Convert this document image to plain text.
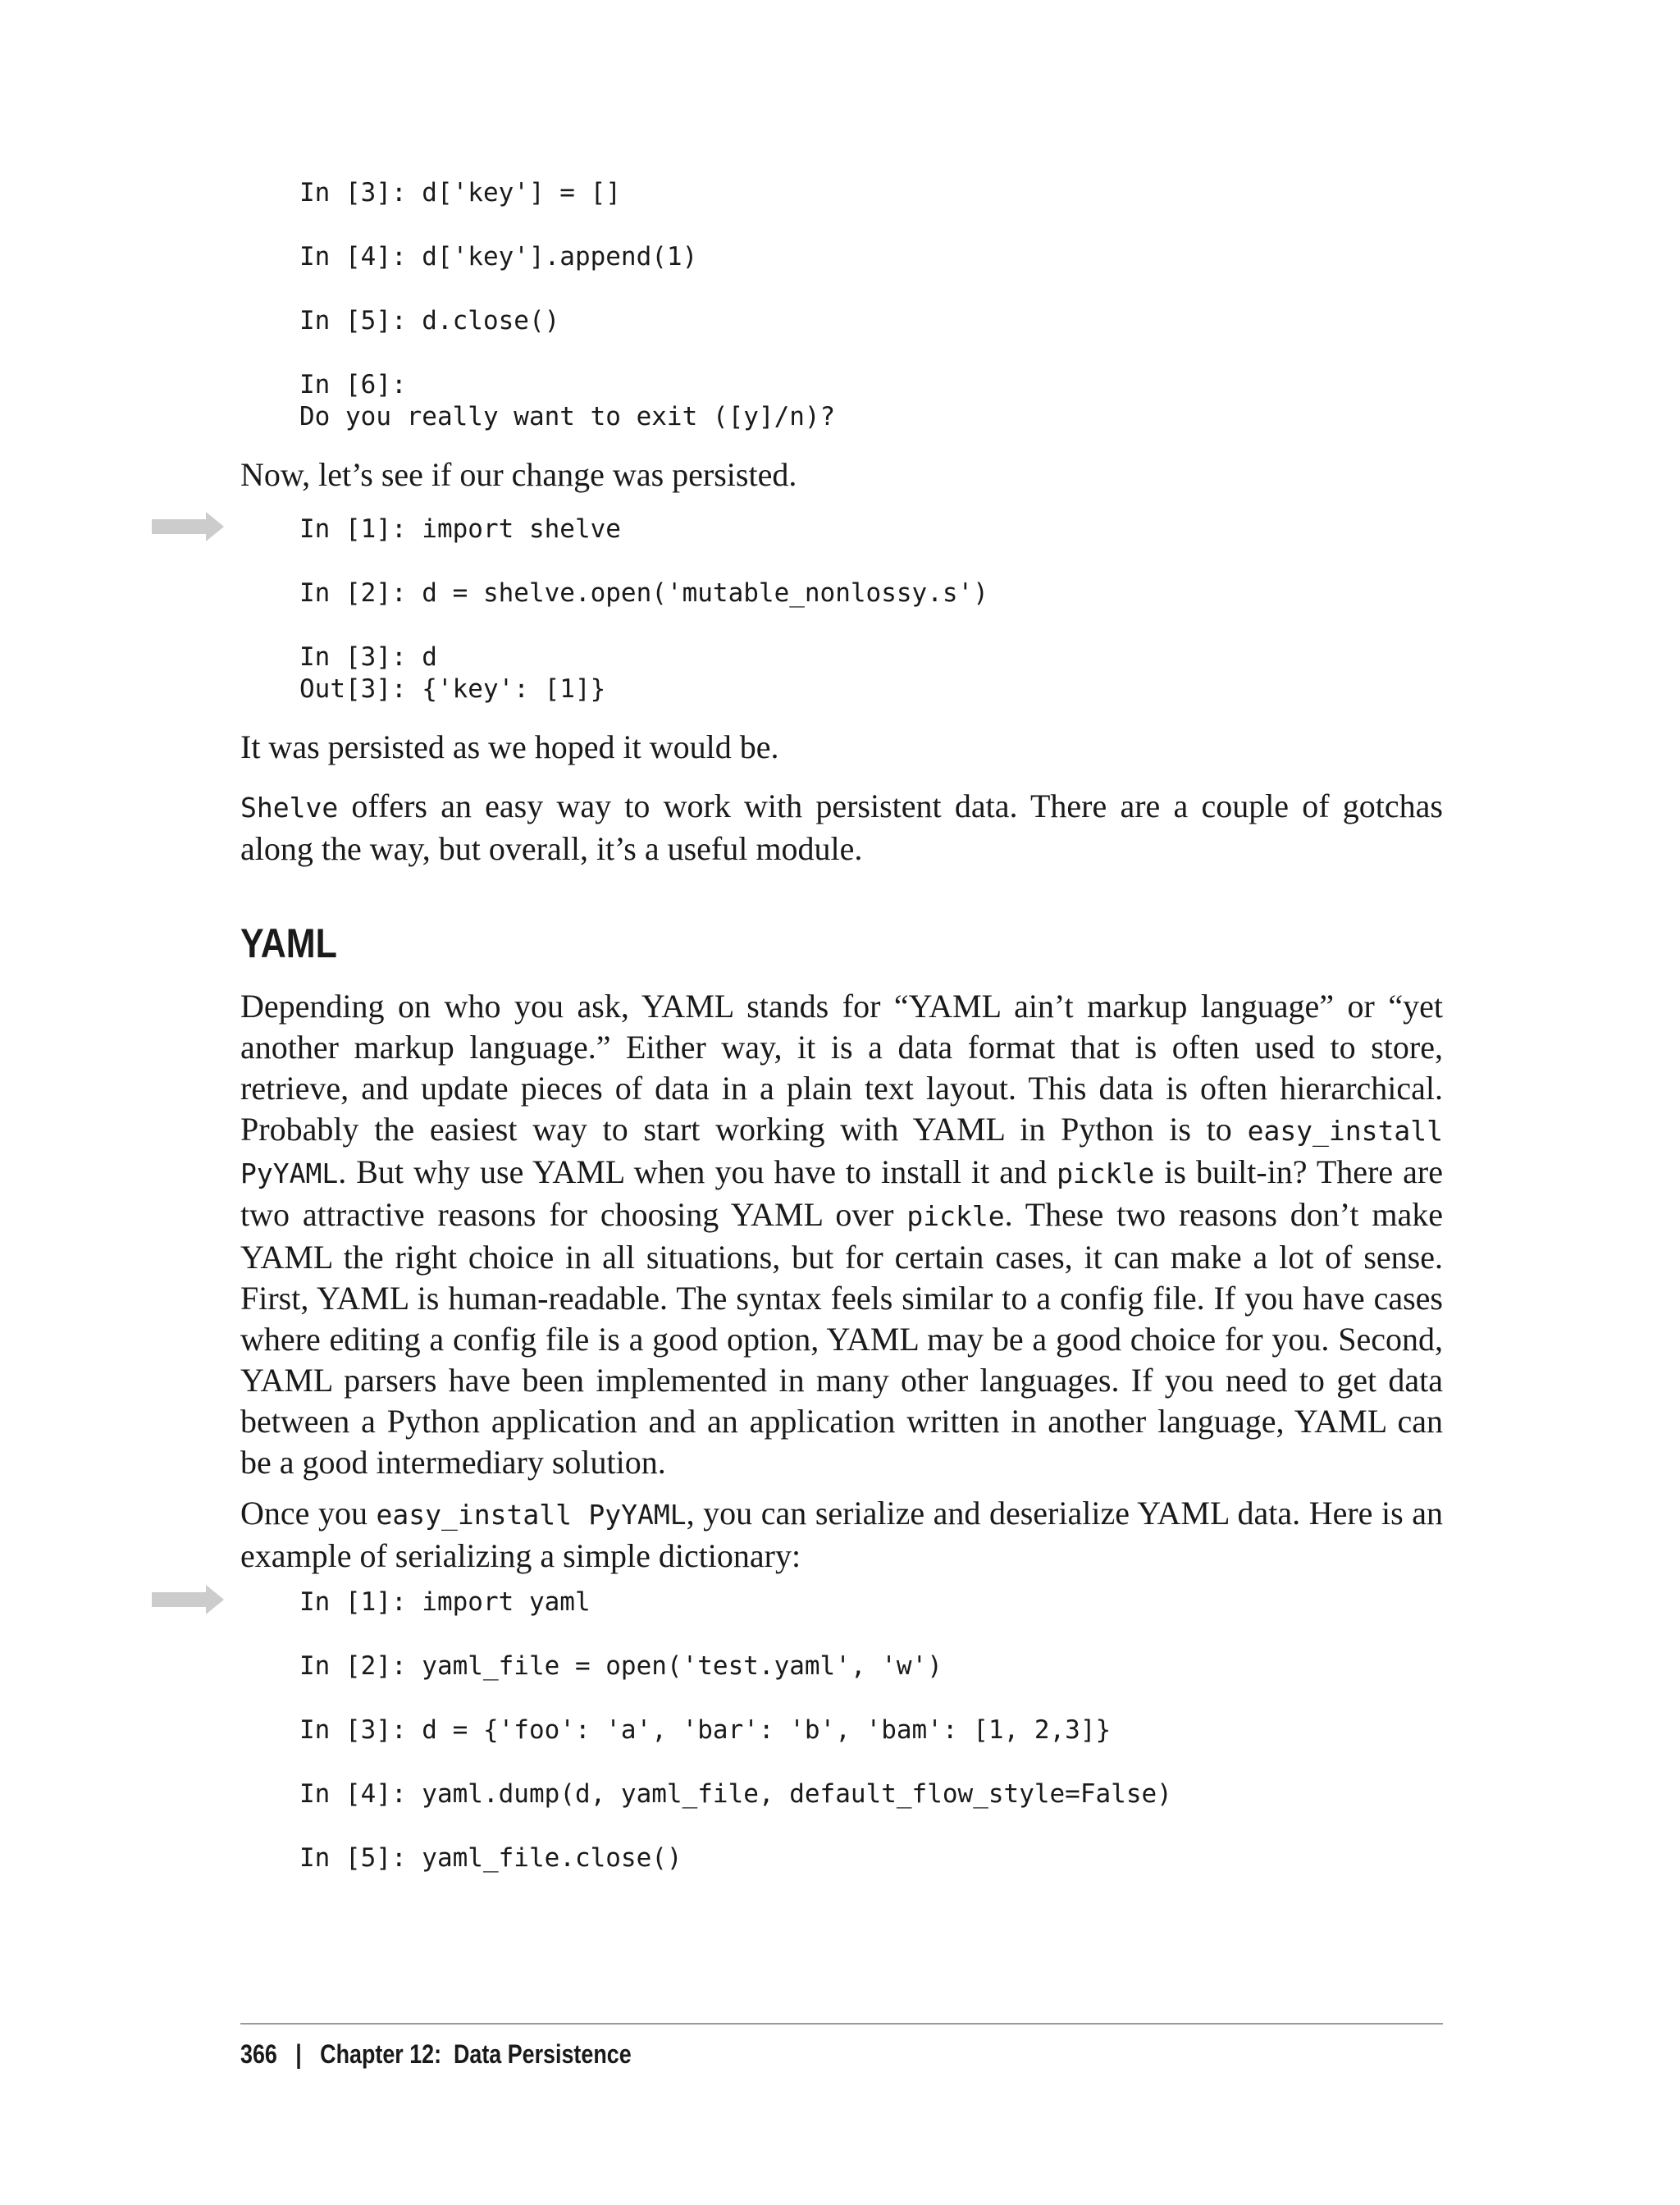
In [3]: d['key'] = []

In [4]: d['key'].append(1)

In [5]: d.close()

In [6]:
Do you really want to exit ([y]/n)?

Now, let’s see if our change was persisted.

In [1]: import shelve

In [2]: d = shelve.open('mutable_nonlossy.s')

In [3]: d
Out[3]: {'key': [1]}

It was persisted as we hoped it would be.

Shelve offers an easy way to work with persistent data. There are a couple of gotchas along the way, but overall, it’s a useful module.

YAML

Depending on who you ask, YAML stands for “YAML ain’t markup language” or “yet another markup language.” Either way, it is a data format that is often used to store, retrieve, and update pieces of data in a plain text layout. This data is often hierarchical. Probably the easiest way to start working with YAML in Python is to easy_install PyYAML. But why use YAML when you have to install it and pickle is built-in? There are two attractive reasons for choosing YAML over pickle. These two reasons don’t make YAML the right choice in all situations, but for certain cases, it can make a lot of sense. First, YAML is human-readable. The syntax feels similar to a config file. If you have cases where editing a config file is a good option, YAML may be a good choice for you. Second, YAML parsers have been implemented in many other languages. If you need to get data between a Python application and an application written in another language, YAML can be a good intermediary solution.

Once you easy_install PyYAML, you can serialize and deserialize YAML data. Here is an example of serializing a simple dictionary:

In [1]: import yaml

In [2]: yaml_file = open('test.yaml', 'w')

In [3]: d = {'foo': 'a', 'bar': 'b', 'bam': [1, 2,3]}

In [4]: yaml.dump(d, yaml_file, default_flow_style=False)

In [5]: yaml_file.close()
366 | Chapter 12:  Data Persistence
